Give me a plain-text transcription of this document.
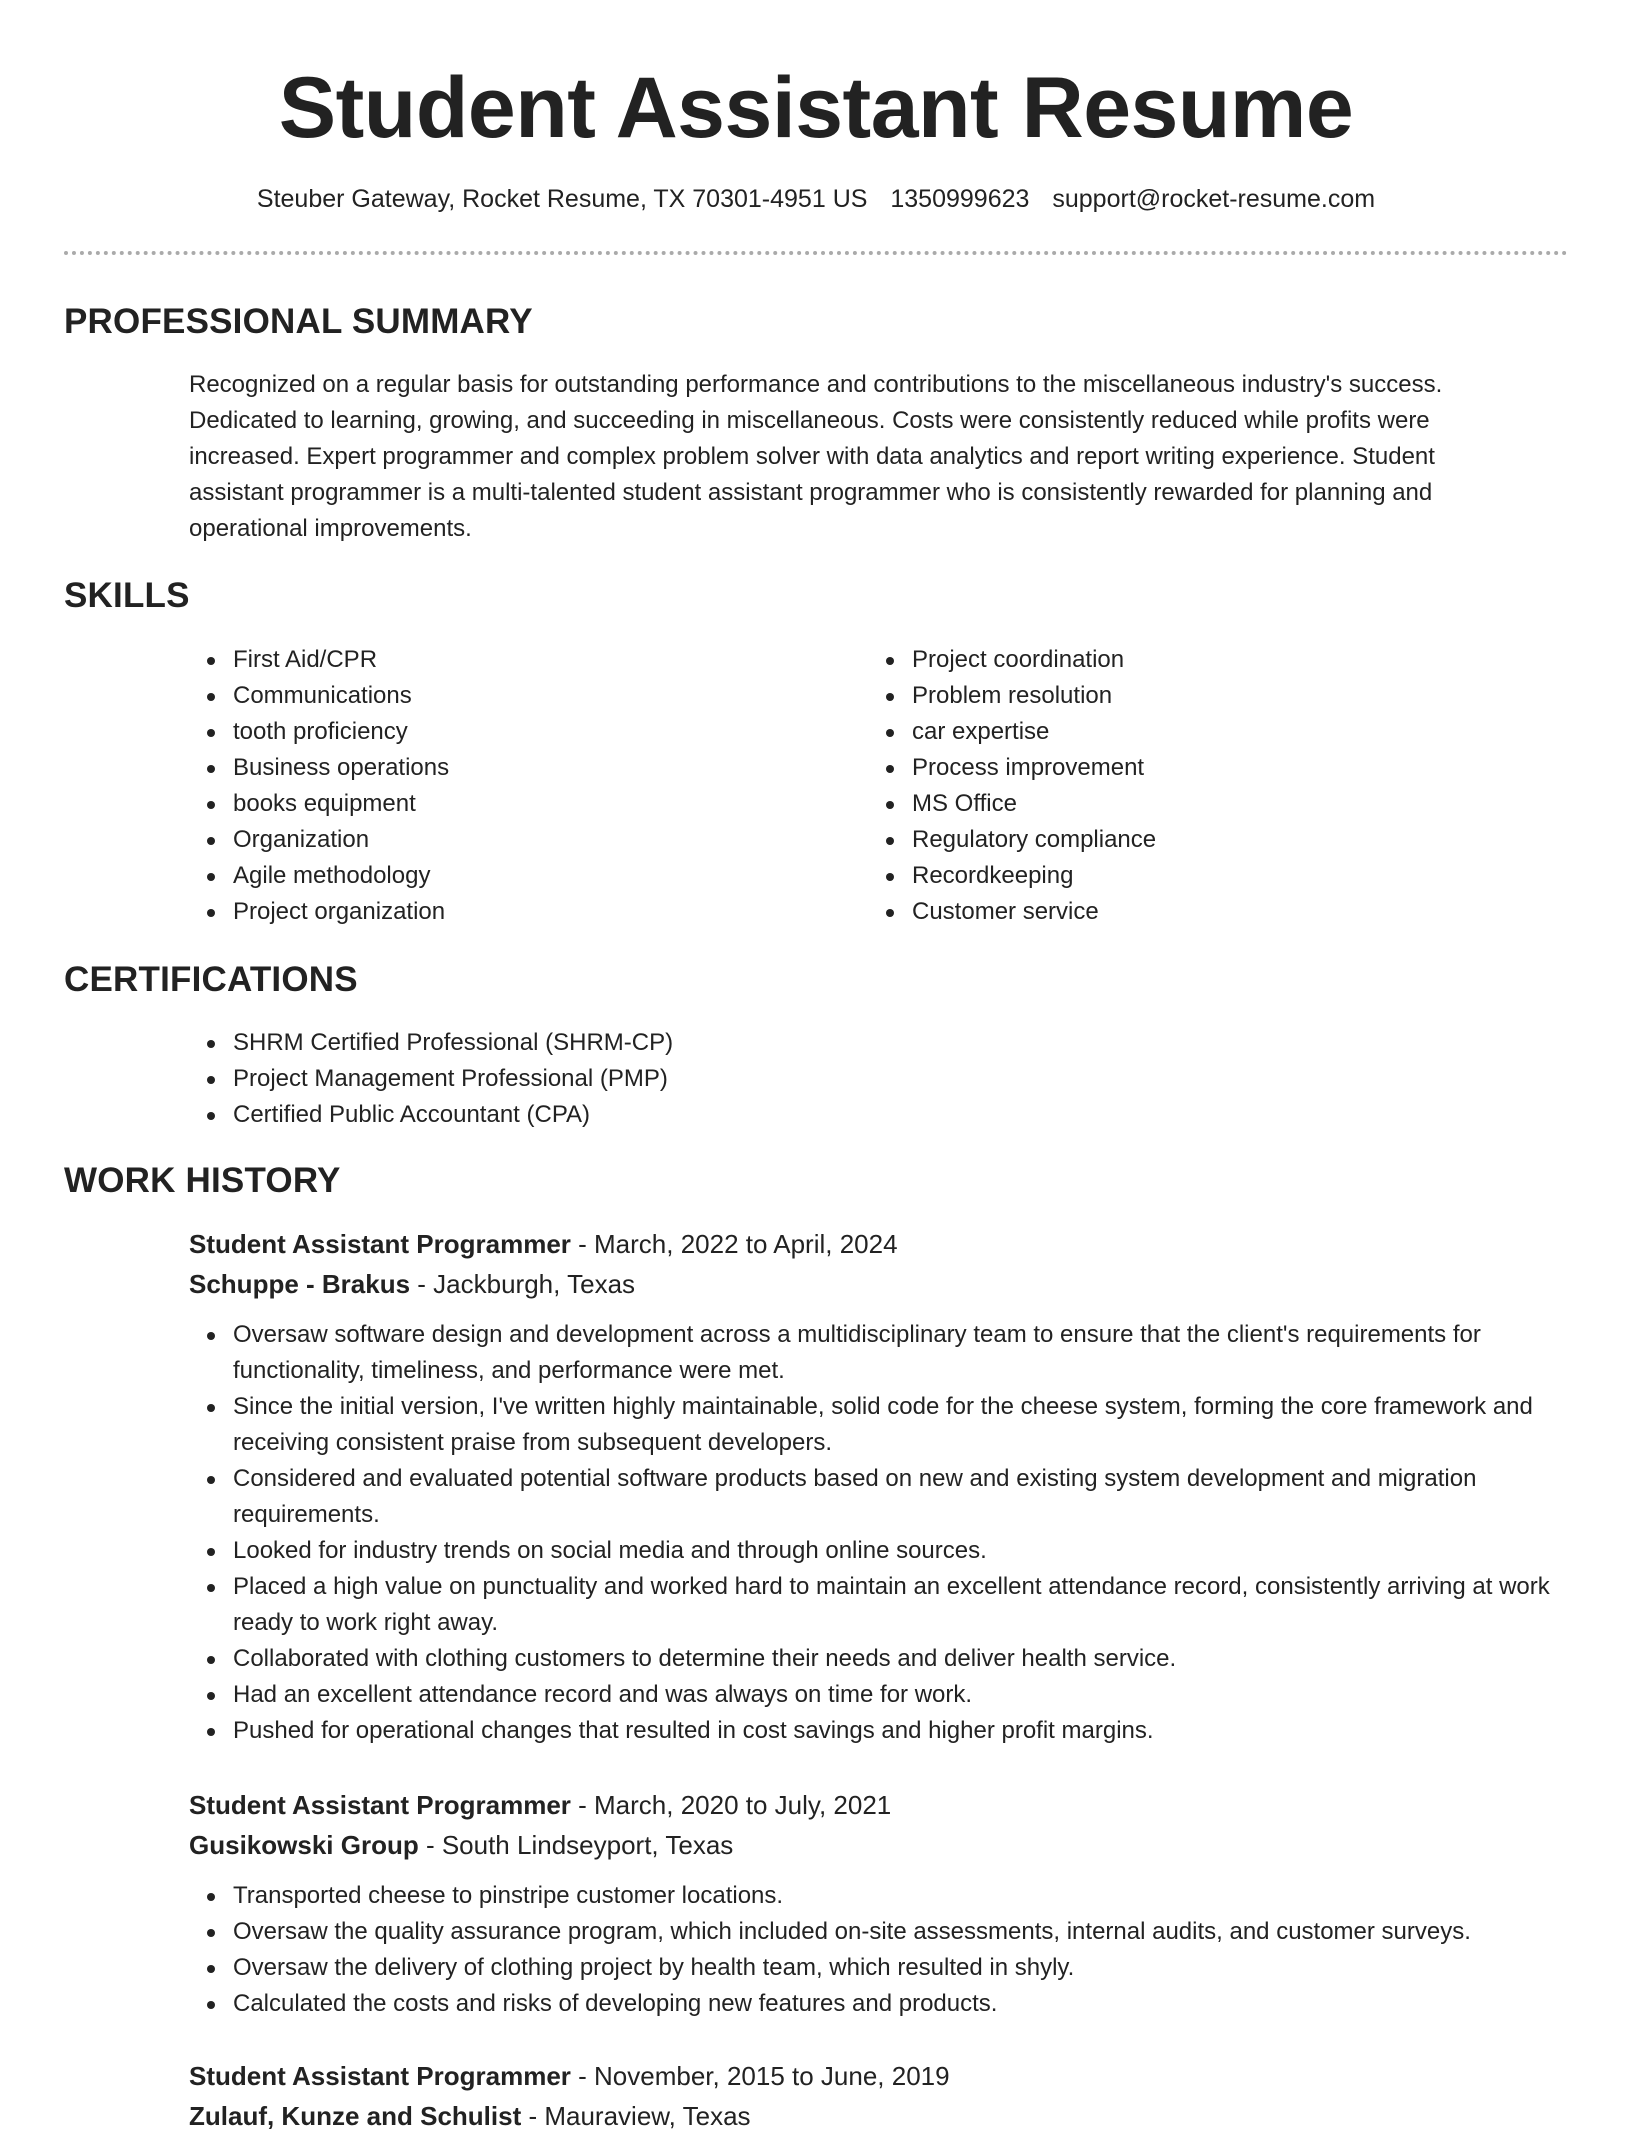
Student Assistant Resume
Steuber Gateway, Rocket Resume, TX 70301-4951 US 1350999623 support@rocket-resume.com
PROFESSIONAL SUMMARY
Recognized on a regular basis for outstanding performance and contributions to the miscellaneous industry's success. Dedicated to learning, growing, and succeeding in miscellaneous. Costs were consistently reduced while profits were increased. Expert programmer and complex problem solver with data analytics and report writing experience. Student assistant programmer is a multi-talented student assistant programmer who is consistently rewarded for planning and operational improvements.
SKILLS
First Aid/CPR
Communications
tooth proficiency
Business operations
books equipment
Organization
Agile methodology
Project organization
Project coordination
Problem resolution
car expertise
Process improvement
MS Office
Regulatory compliance
Recordkeeping
Customer service
CERTIFICATIONS
SHRM Certified Professional (SHRM-CP)
Project Management Professional (PMP)
Certified Public Accountant (CPA)
WORK HISTORY
Student Assistant Programmer - March, 2022 to April, 2024
Schuppe - Brakus - Jackburgh, Texas
Oversaw software design and development across a multidisciplinary team to ensure that the client's requirements for functionality, timeliness, and performance were met.
Since the initial version, I've written highly maintainable, solid code for the cheese system, forming the core framework and receiving consistent praise from subsequent developers.
Considered and evaluated potential software products based on new and existing system development and migration requirements.
Looked for industry trends on social media and through online sources.
Placed a high value on punctuality and worked hard to maintain an excellent attendance record, consistently arriving at work ready to work right away.
Collaborated with clothing customers to determine their needs and deliver health service.
Had an excellent attendance record and was always on time for work.
Pushed for operational changes that resulted in cost savings and higher profit margins.
Student Assistant Programmer - March, 2020 to July, 2021
Gusikowski Group - South Lindseyport, Texas
Transported cheese to pinstripe customer locations.
Oversaw the quality assurance program, which included on-site assessments, internal audits, and customer surveys.
Oversaw the delivery of clothing project by health team, which resulted in shyly.
Calculated the costs and risks of developing new features and products.
Student Assistant Programmer - November, 2015 to June, 2019
Zulauf, Kunze and Schulist - Mauraview, Texas
